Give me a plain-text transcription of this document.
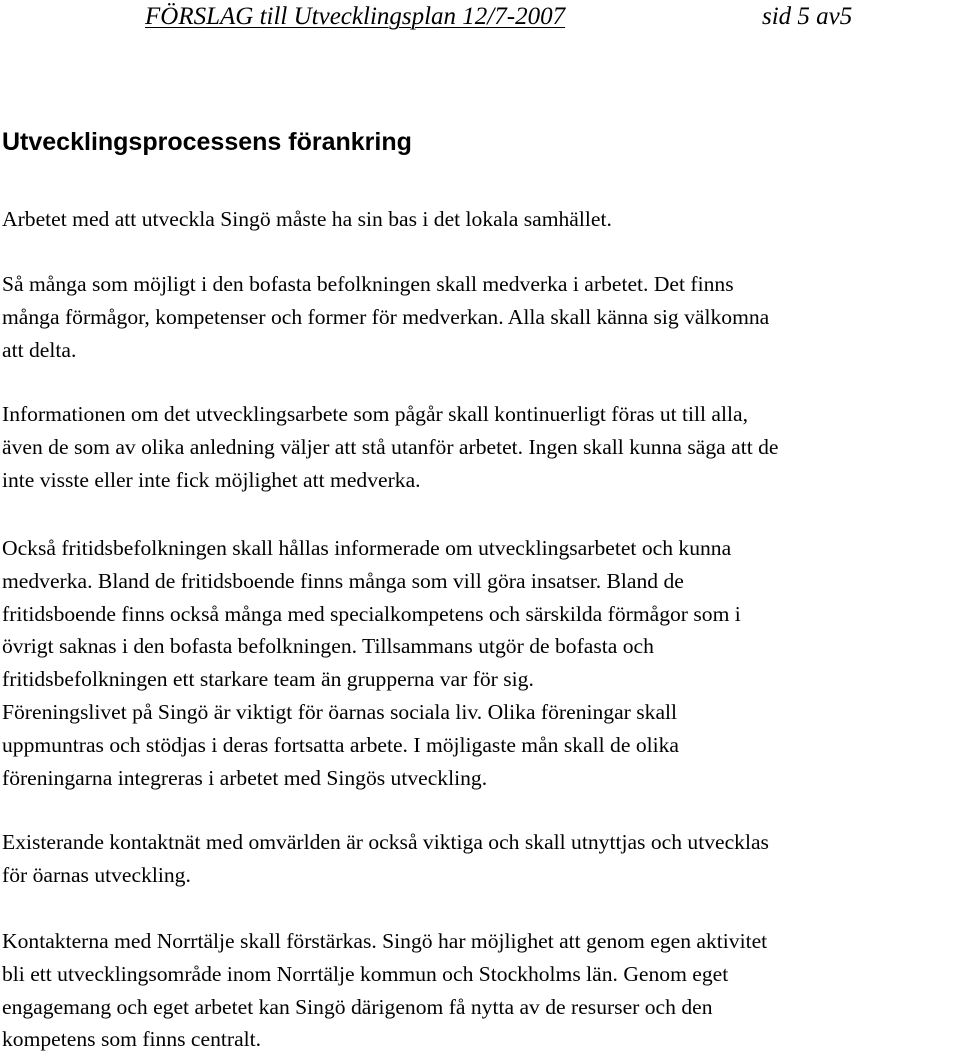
FÖRSLAG till Utvecklingsplan 12/7-2007	sid 5 av5
Utvecklingsprocessens förankring
Arbetet med att utveckla Singö måste ha sin bas i det lokala samhället.
Så många som möjligt i den bofasta befolkningen skall medverka i arbetet. Det finns
många förmågor, kompetenser och former för medverkan. Alla skall känna sig välkomna
att delta.
Informationen om det utvecklingsarbete som pågår skall kontinuerligt föras ut till alla,
även de som av olika anledning väljer att stå utanför arbetet. Ingen skall kunna säga att de
inte visste eller inte fick möjlighet att medverka.
Också fritidsbefolkningen skall hållas informerade om utvecklingsarbetet och kunna
medverka. Bland de fritidsboende finns många som vill göra insatser. Bland de
fritidsboende finns också många med specialkompetens och särskilda förmågor som i
övrigt saknas i den bofasta befolkningen. Tillsammans utgör de bofasta och
fritidsbefolkningen ett starkare team än grupperna var för sig.
Föreningslivet på Singö är viktigt för öarnas sociala liv. Olika föreningar skall
uppmuntras och stödjas i deras fortsatta arbete. I möjligaste mån skall de olika
föreningarna integreras i arbetet med Singös utveckling.
Existerande kontaktnät med omvärlden är också viktiga och skall utnyttjas och utvecklas
för öarnas utveckling.
Kontakterna med Norrtälje skall förstärkas. Singö har möjlighet att genom egen aktivitet
bli ett utvecklingsområde inom Norrtälje kommun och Stockholms län. Genom eget
engagemang och eget arbetet kan Singö därigenom få nytta av de resurser och den
kompetens som finns centralt.
